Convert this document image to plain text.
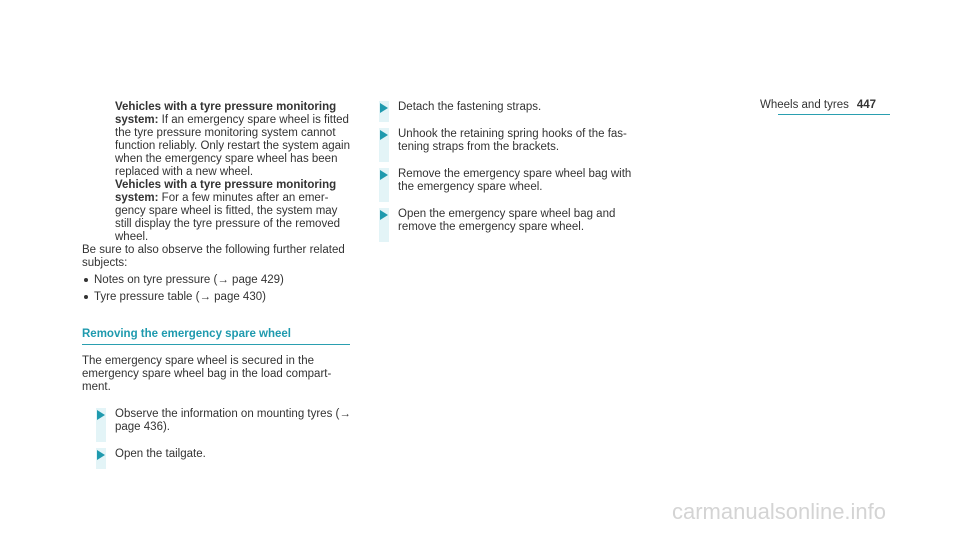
Wheels and tyres 447

Vehicles with a tyre pressure monitoring system: If an emergency spare wheel is fitted the tyre pressure monitoring system cannot function reliably. Only restart the system again when the emergency spare wheel has been replaced with a new wheel.

Vehicles with a tyre pressure monitoring system: For a few minutes after an emergency spare wheel is fitted, the system may still display the tyre pressure of the removed wheel.

Be sure to also observe the following further related subjects:

Notes on tyre pressure (→ page 429)
Tyre pressure table (→ page 430)
Removing the emergency spare wheel

The emergency spare wheel is secured in the emergency spare wheel bag in the load compartment.

Observe the information on mounting tyres (→ page 436).
Open the tailgate.
Detach the fastening straps.
Unhook the retaining spring hooks of the fastening straps from the brackets.
Remove the emergency spare wheel bag with the emergency spare wheel.
Open the emergency spare wheel bag and remove the emergency spare wheel.
carmanualsonline.info
